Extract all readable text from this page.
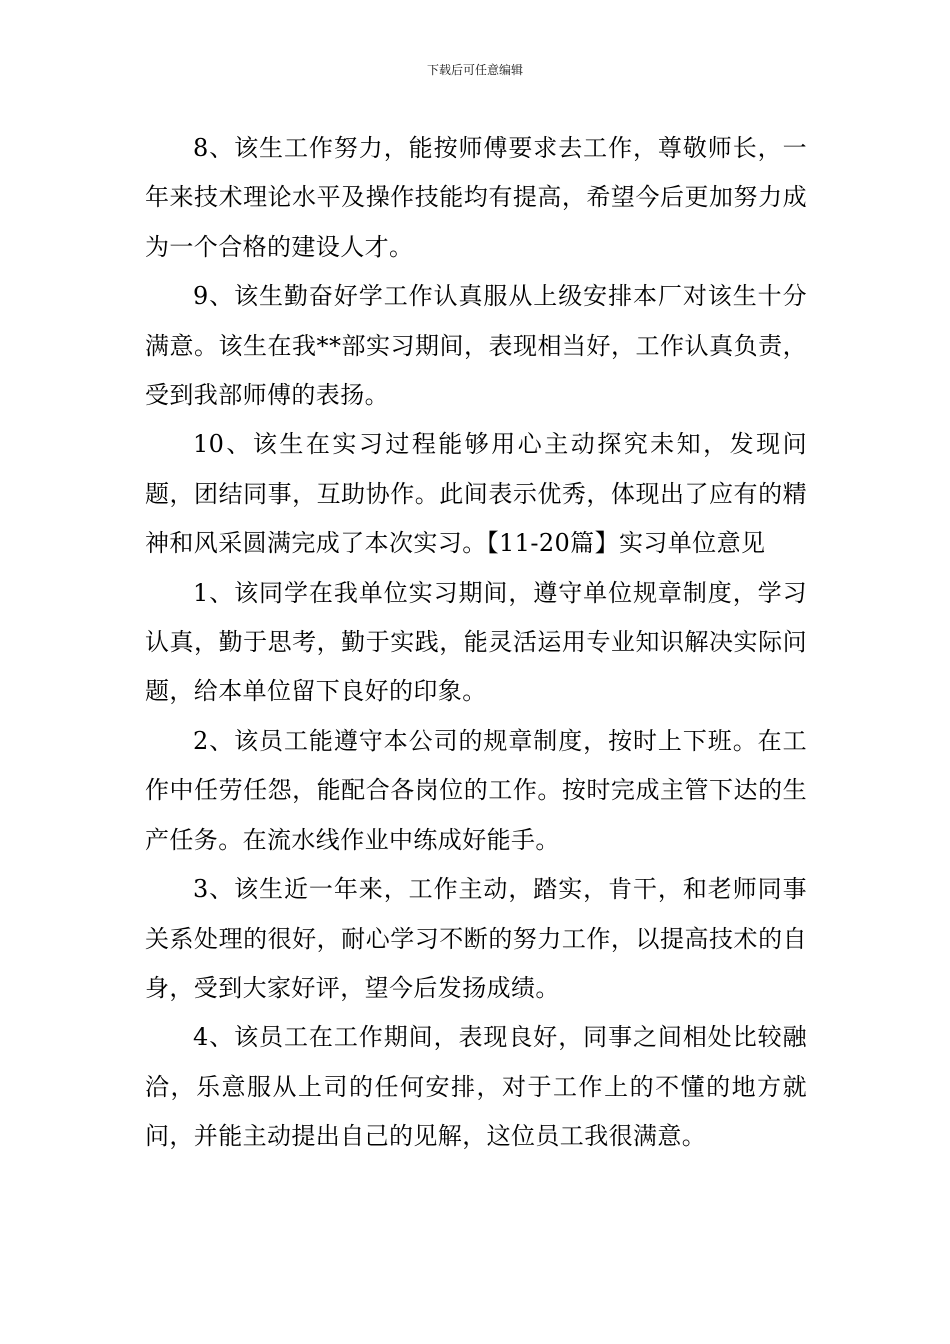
下载后可任意编辑

8、该生工作努力，能按师傅要求去工作，尊敬师长，一年来技术理论水平及操作技能均有提高，希望今后更加努力成为一个合格的建设人才。

9、该生勤奋好学工作认真服从上级安排本厂对该生十分满意。该生在我**部实习期间，表现相当好，工作认真负责，受到我部师傅的表扬。

10、该生在实习过程能够用心主动探究未知，发现问题，团结同事，互助协作。此间表示优秀，体现出了应有的精神和风采圆满完成了本次实习。【11-20篇】实习单位意见

1、该同学在我单位实习期间，遵守单位规章制度，学习认真，勤于思考，勤于实践，能灵活运用专业知识解决实际问题，给本单位留下良好的印象。

2、该员工能遵守本公司的规章制度，按时上下班。在工作中任劳任怨，能配合各岗位的工作。按时完成主管下达的生产任务。在流水线作业中练成好能手。

3、该生近一年来，工作主动，踏实，肯干，和老师同事关系处理的很好，耐心学习不断的努力工作，以提高技术的自身，受到大家好评，望今后发扬成绩。

4、该员工在工作期间，表现良好，同事之间相处比较融洽，乐意服从上司的任何安排，对于工作上的不懂的地方就问，并能主动提出自己的见解，这位员工我很满意。
